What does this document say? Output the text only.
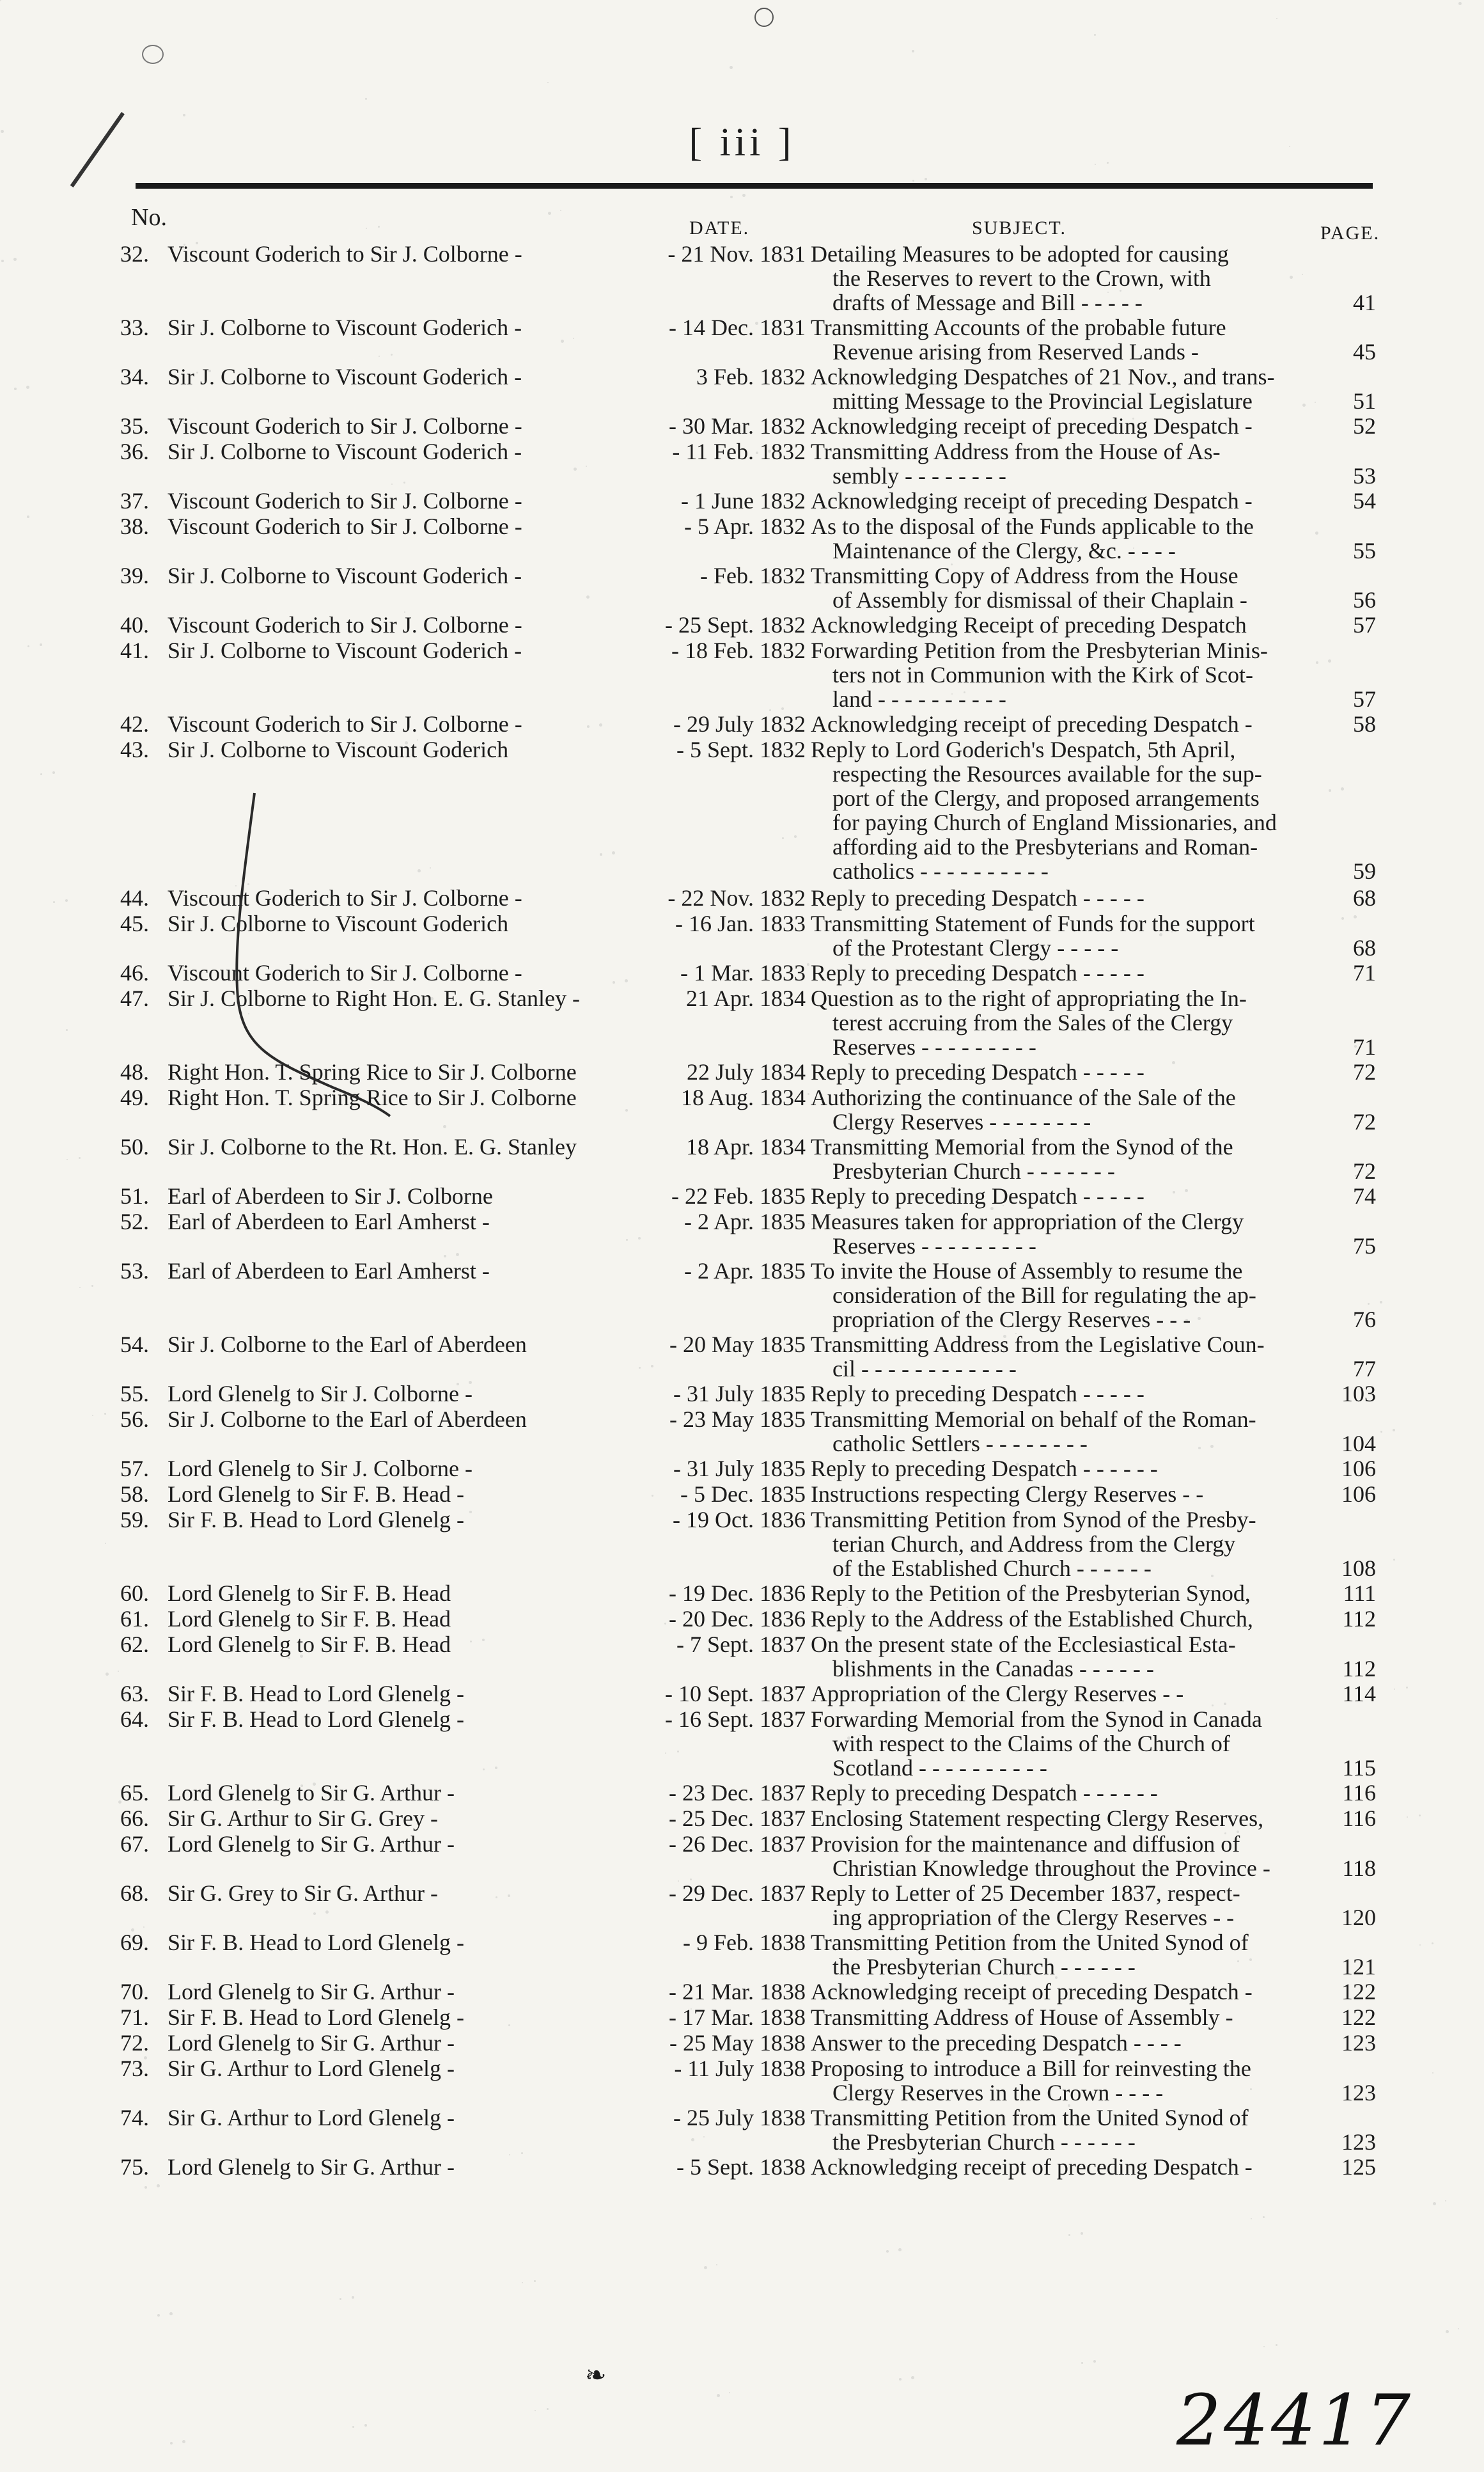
[ iii ]
No.	DATE.	SUBJECT.	PAGE.
32. Viscount Goderich to Sir J. Colborne -	- 21 Nov. 1831 Detailing Measures to be adopted for causing
the Reserves to revert to the Crown, with
drafts of Message and Bill - - - - -	41
33. Sir J. Colborne to Viscount Goderich -	- 14 Dec. 1831 Transmitting Accounts of the probable future
Revenue arising from Reserved Lands -	45
34. Sir J. Colborne to Viscount Goderich -	3 Feb. 1832 Acknowledging Despatches of 21 Nov., and trans-
mitting Message to the Provincial Legislature	51
35. Viscount Goderich to Sir J. Colborne -	- 30 Mar. 1832 Acknowledging receipt of preceding Despatch -	52
36. Sir J. Colborne to Viscount Goderich -	- 11 Feb. 1832 Transmitting Address from the House of As-
sembly - - - - - - - -	53
37. Viscount Goderich to Sir J. Colborne -	- 1 June 1832 Acknowledging receipt of preceding Despatch -	54
38. Viscount Goderich to Sir J. Colborne -	- 5 Apr. 1832 As to the disposal of the Funds applicable to the
Maintenance of the Clergy, &c. - - - -	55
39. Sir J. Colborne to Viscount Goderich -	- Feb. 1832 Transmitting Copy of Address from the House
of Assembly for dismissal of their Chaplain -	56
40. Viscount Goderich to Sir J. Colborne -	- 25 Sept. 1832 Acknowledging Receipt of preceding Despatch	57
41. Sir J. Colborne to Viscount Goderich -	- 18 Feb. 1832 Forwarding Petition from the Presbyterian Minis-
ters not in Communion with the Kirk of Scot-
land - - - - - - - - - -	57
42. Viscount Goderich to Sir J. Colborne -	- 29 July 1832 Acknowledging receipt of preceding Despatch -	58
43. Sir J. Colborne to Viscount Goderich	- 5 Sept. 1832 Reply to Lord Goderich's Despatch, 5th April,
respecting the Resources available for the sup-
port of the Clergy, and proposed arrangements
for paying Church of England Missionaries, and
affording aid to the Presbyterians and Roman-
catholics - - - - - - - - - -	59
44. Viscount Goderich to Sir J. Colborne -	- 22 Nov. 1832 Reply to preceding Despatch - - - - -	68
45. Sir J. Colborne to Viscount Goderich	- 16 Jan. 1833 Transmitting Statement of Funds for the support
of the Protestant Clergy - - - - -	68
46. Viscount Goderich to Sir J. Colborne -	- 1 Mar. 1833 Reply to preceding Despatch - - - - -	71
47. Sir J. Colborne to Right Hon. E. G. Stanley -	21 Apr. 1834 Question as to the right of appropriating the In-
terest accruing from the Sales of the Clergy
Reserves - - - - - - - - -	71
48. Right Hon. T. Spring Rice to Sir J. Colborne	22 July 1834 Reply to preceding Despatch - - - - -	72
49. Right Hon. T. Spring Rice to Sir J. Colborne	18 Aug. 1834 Authorizing the continuance of the Sale of the
Clergy Reserves - - - - - - - -	72
50. Sir J. Colborne to the Rt. Hon. E. G. Stanley	18 Apr. 1834 Transmitting Memorial from the Synod of the
Presbyterian Church - - - - - - -	72
51. Earl of Aberdeen to Sir J. Colborne	- 22 Feb. 1835 Reply to preceding Despatch - - - - -	74
52. Earl of Aberdeen to Earl Amherst -	- 2 Apr. 1835 Measures taken for appropriation of the Clergy
Reserves - - - - - - - - -	75
53. Earl of Aberdeen to Earl Amherst -	- 2 Apr. 1835 To invite the House of Assembly to resume the
consideration of the Bill for regulating the ap-
propriation of the Clergy Reserves - - -	76
54. Sir J. Colborne to the Earl of Aberdeen	- 20 May 1835 Transmitting Address from the Legislative Coun-
cil - - - - - - - - - - - -	77
55. Lord Glenelg to Sir J. Colborne -	- 31 July 1835 Reply to preceding Despatch - - - - -	103
56. Sir J. Colborne to the Earl of Aberdeen	- 23 May 1835 Transmitting Memorial on behalf of the Roman-
catholic Settlers - - - - - - - -	104
57. Lord Glenelg to Sir J. Colborne -	- 31 July 1835 Reply to preceding Despatch - - - - - -	106
58. Lord Glenelg to Sir F. B. Head -	- 5 Dec. 1835 Instructions respecting Clergy Reserves - -	106
59. Sir F. B. Head to Lord Glenelg -	- 19 Oct. 1836 Transmitting Petition from Synod of the Presby-
terian Church, and Address from the Clergy
of the Established Church - - - - - -	108
60. Lord Glenelg to Sir F. B. Head	- 19 Dec. 1836 Reply to the Petition of the Presbyterian Synod,	111
61. Lord Glenelg to Sir F. B. Head	- 20 Dec. 1836 Reply to the Address of the Established Church,	112
62. Lord Glenelg to Sir F. B. Head	- 7 Sept. 1837 On the present state of the Ecclesiastical Esta-
blishments in the Canadas - - - - - -	112
63. Sir F. B. Head to Lord Glenelg -	- 10 Sept. 1837 Appropriation of the Clergy Reserves - -	114
64. Sir F. B. Head to Lord Glenelg -	- 16 Sept. 1837 Forwarding Memorial from the Synod in Canada
with respect to the Claims of the Church of
Scotland - - - - - - - - - -	115
65. Lord Glenelg to Sir G. Arthur -	- 23 Dec. 1837 Reply to preceding Despatch - - - - - -	116
66. Sir G. Arthur to Sir G. Grey -	- 25 Dec. 1837 Enclosing Statement respecting Clergy Reserves,	116
67. Lord Glenelg to Sir G. Arthur -	- 26 Dec. 1837 Provision for the maintenance and diffusion of
Christian Knowledge throughout the Province -	118
68. Sir G. Grey to Sir G. Arthur -	- 29 Dec. 1837 Reply to Letter of 25 December 1837, respect-
ing appropriation of the Clergy Reserves - -	120
69. Sir F. B. Head to Lord Glenelg -	- 9 Feb. 1838 Transmitting Petition from the United Synod of
the Presbyterian Church - - - - - -	121
70. Lord Glenelg to Sir G. Arthur -	- 21 Mar. 1838 Acknowledging receipt of preceding Despatch -	122
71. Sir F. B. Head to Lord Glenelg -	- 17 Mar. 1838 Transmitting Address of House of Assembly -	122
72. Lord Glenelg to Sir G. Arthur -	- 25 May 1838 Answer to the preceding Despatch - - - -	123
73. Sir G. Arthur to Lord Glenelg -	- 11 July 1838 Proposing to introduce a Bill for reinvesting the
Clergy Reserves in the Crown - - - -	123
74. Sir G. Arthur to Lord Glenelg -	- 25 July 1838 Transmitting Petition from the United Synod of
the Presbyterian Church - - - - - -	123
75. Lord Glenelg to Sir G. Arthur -	- 5 Sept. 1838 Acknowledging receipt of preceding Despatch -	125
❧
24417
